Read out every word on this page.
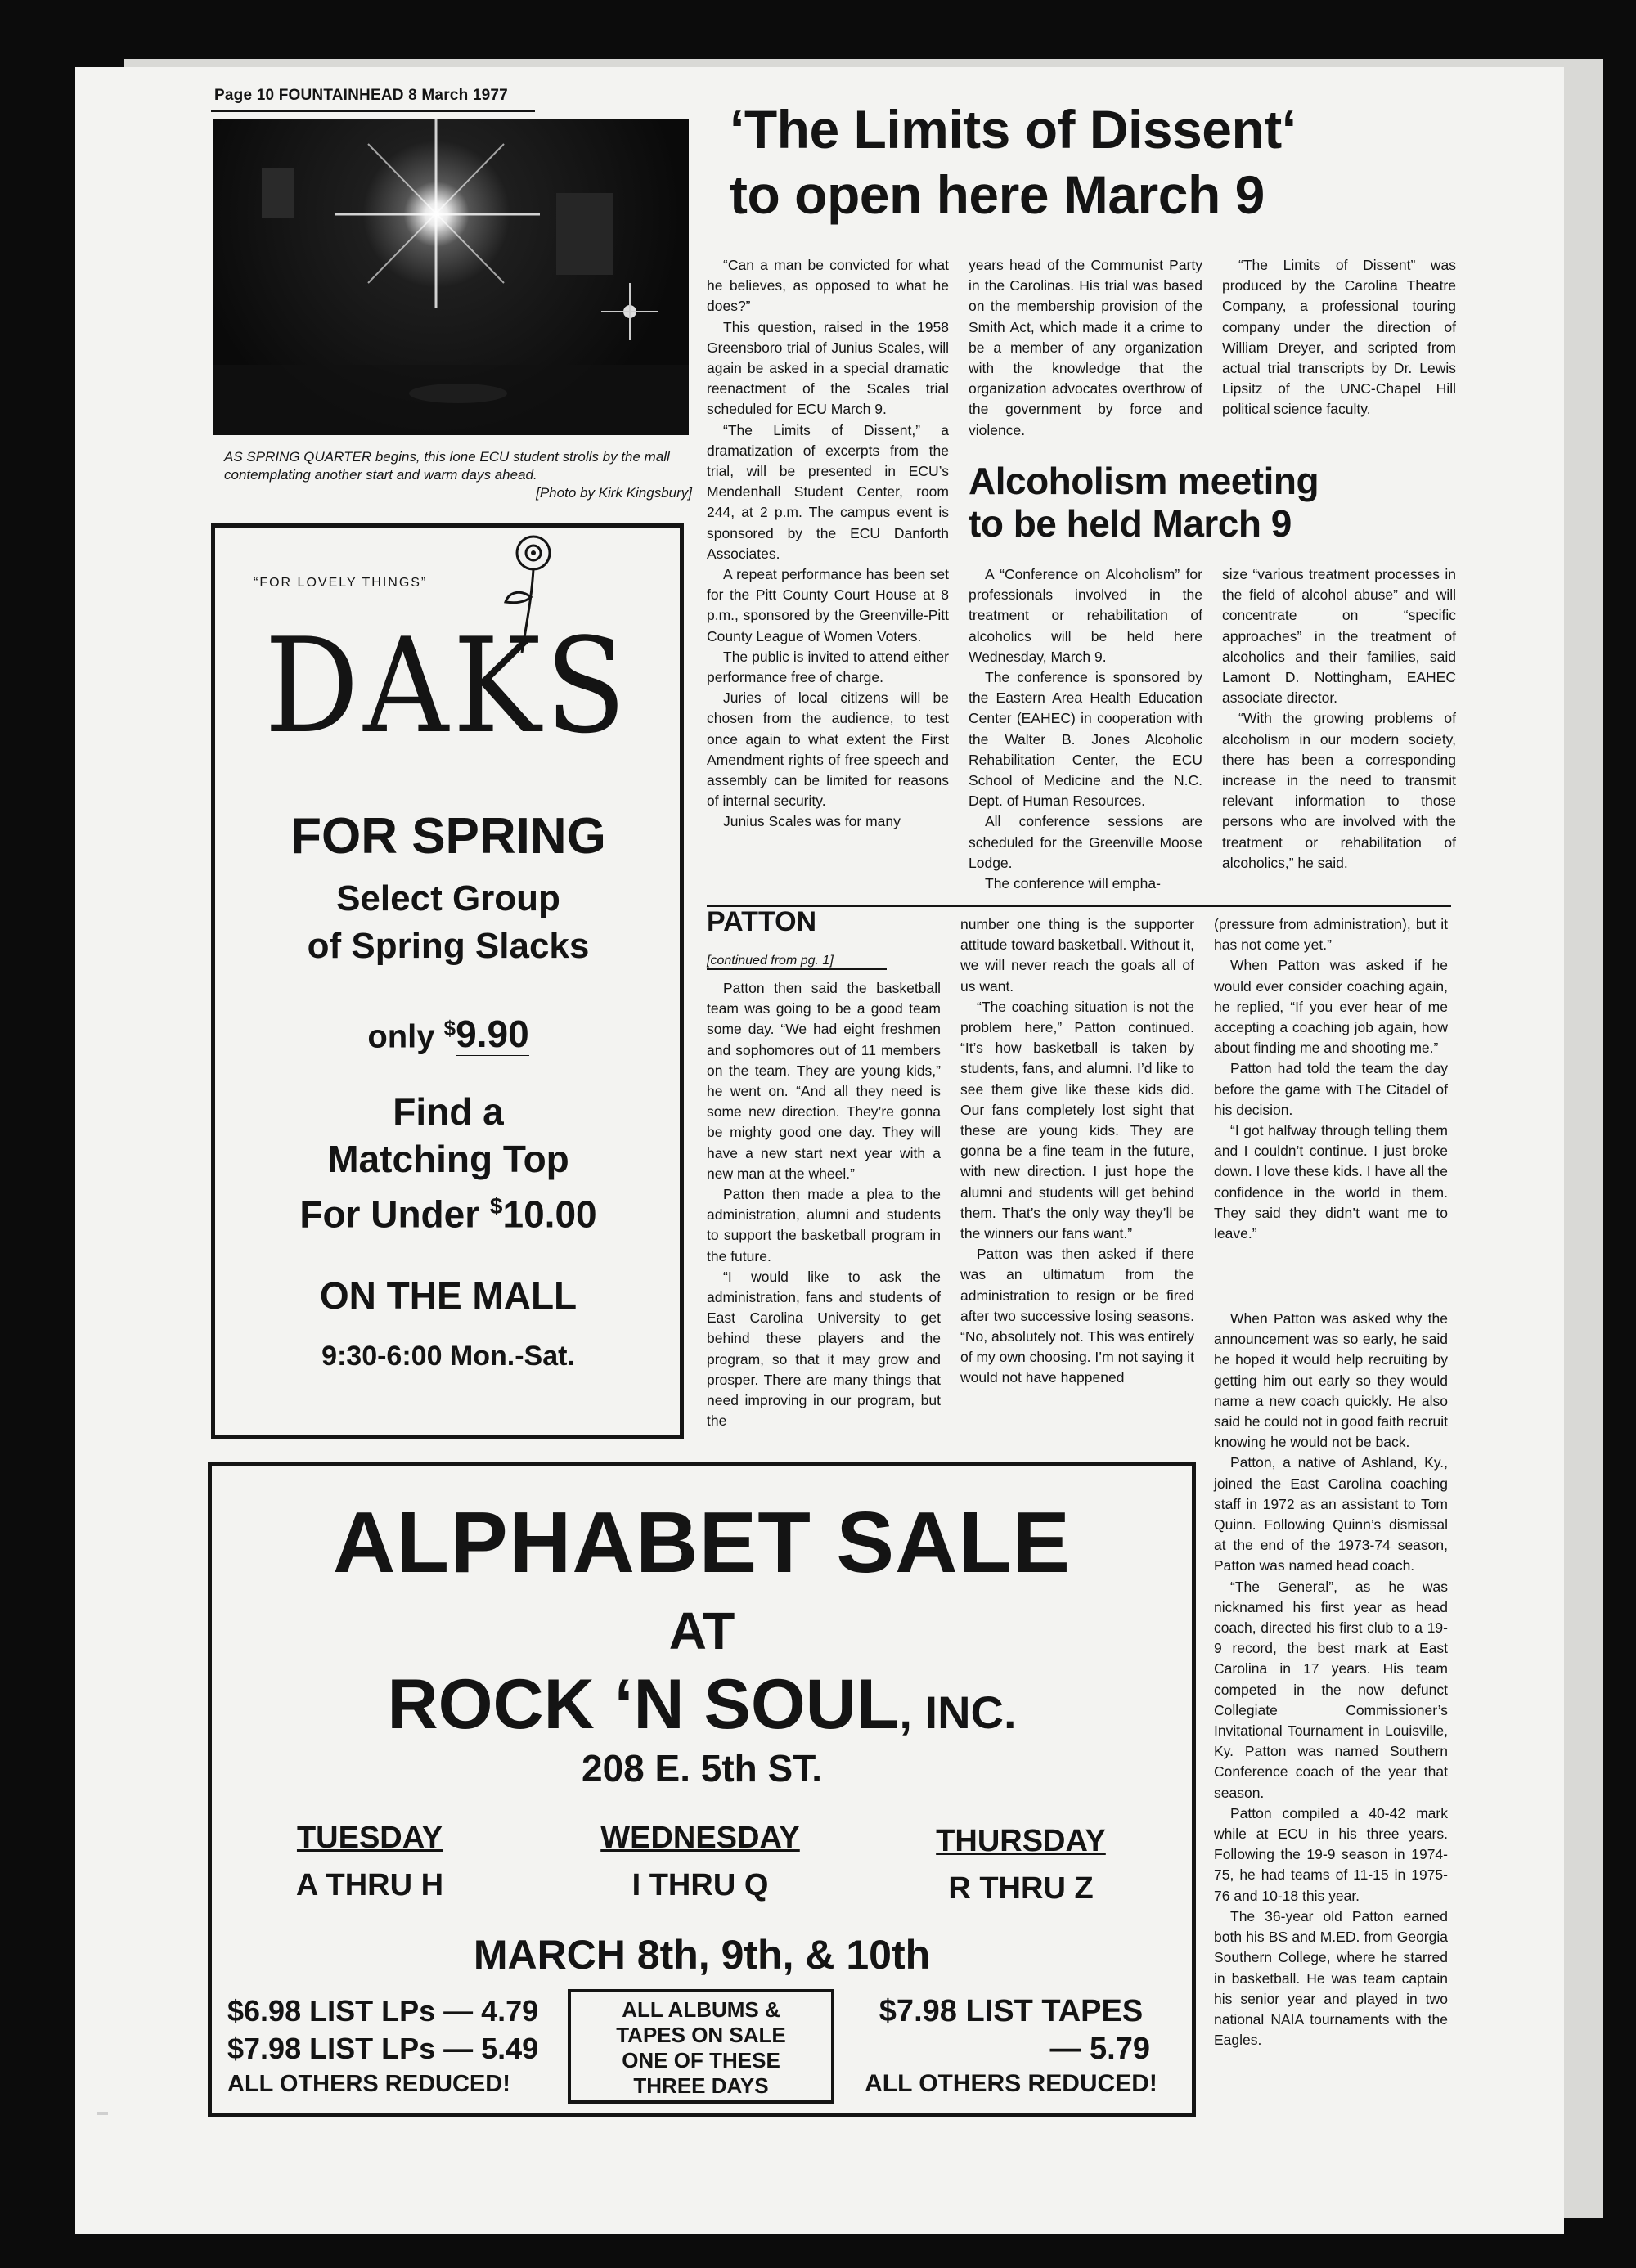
Page 10 FOUNTAINHEAD 8 March 1977
AS SPRING QUARTER begins, this lone ECU student strolls by the mall contemplating another start and warm days ahead.
[Photo by Kirk Kingsbury]
‘The Limits of Dissent‘
to open here March 9

“Can a man be convicted for what he believes, as opposed to what he does?”

This question, raised in the 1958 Greensboro trial of Junius Scales, will again be asked in a special dramatic reenactment of the Scales trial scheduled for ECU March 9.

“The Limits of Dissent,” a dramatization of excerpts from the trial, will be presented in ECU’s Mendenhall Student Center, room 244, at 2 p.m. The campus event is sponsored by the ECU Danforth Associates.

A repeat performance has been set for the Pitt County Court House at 8 p.m., sponsored by the Greenville-Pitt County League of Women Voters.

The public is invited to attend either performance free of charge.

Juries of local citizens will be chosen from the audience, to test once again to what extent the First Amendment rights of free speech and assembly can be limited for reasons of internal security.

Junius Scales was for many

years head of the Communist Party in the Carolinas. His trial was based on the membership provision of the Smith Act, which made it a crime to be a member of any organization with the knowledge that the organization advocates overthrow of the government by force and violence.

“The Limits of Dissent” was produced by the Carolina Theatre Company, a professional touring company under the direction of William Dreyer, and scripted from actual trial transcripts by Dr. Lewis Lipsitz of the UNC-Chapel Hill political science faculty.

Alcoholism meeting
to be held March 9

A “Conference on Alcoholism” for professionals involved in the treatment or rehabilitation of alcoholics will be held here Wednesday, March 9.

The conference is sponsored by the Eastern Area Health Education Center (EAHEC) in cooperation with the Walter B. Jones Alcoholic Rehabilitation Center, the ECU School of Medicine and the N.C. Dept. of Human Resources.

All conference sessions are scheduled for the Greenville Moose Lodge.

The conference will empha-

size “various treatment processes in the field of alcohol abuse” and will concentrate on “specific approaches” in the treatment of alcoholics and their families, said Lamont D. Nottingham, EAHEC associate director.

“With the growing problems of alcoholism in our modern society, there has been a corresponding increase in the need to transmit relevant information to those persons who are involved with the treatment or rehabilitation of alcoholics,” he said.

PATTON
[continued from pg. 1]

Patton then said the basketball team was going to be a good team some day. “We had eight freshmen and sophomores out of 11 members on the team. They are young kids,” he went on. “And all they need is some new direction. They’re gonna be mighty good one day. They will have a new start next year with a new man at the wheel.”

Patton then made a plea to the administration, alumni and students to support the basketball program in the future.

“I would like to ask the administration, fans and students of East Carolina University to get behind these players and the program, so that it may grow and prosper. There are many things that need improving in our program, but the

number one thing is the supporter attitude toward basketball. Without it, we will never reach the goals all of us want.

“The coaching situation is not the problem here,” Patton continued. “It’s how basketball is taken by students, fans, and alumni. I’d like to see them give like these kids did. Our fans completely lost sight that these are young kids. They are gonna be a fine team in the future, with new direction. I just hope the alumni and students will get behind them. That’s the only way they’ll be the winners our fans want.”

Patton was then asked if there was an ultimatum from the administration to resign or be fired after two successive losing seasons. “No, absolutely not. This was entirely of my own choosing. I’m not saying it would not have happened

(pressure from administration), but it has not come yet.”

When Patton was asked if he would ever consider coaching again, he replied, “If you ever hear of me accepting a coaching job again, how about finding me and shooting me.”

Patton had told the team the day before the game with The Citadel of his decision.

“I got halfway through telling them and I couldn’t continue. I just broke down. I love these kids. I have all the confidence in the world in them. They said they didn’t want me to leave.”

When Patton was asked why the announcement was so early, he said he hoped it would help recruiting by getting him out early so they would name a new coach quickly. He also said he could not in good faith recruit knowing he would not be back.

Patton, a native of Ashland, Ky., joined the East Carolina coaching staff in 1972 as an assistant to Tom Quinn. Following Quinn’s dismissal at the end of the 1973-74 season, Patton was named head coach.

“The General”, as he was nicknamed his first year as head coach, directed his first club to a 19-9 record, the best mark at East Carolina in 17 years. His team competed in the now defunct Collegiate Commissioner’s Invitational Tournament in Louisville, Ky. Patton was named Southern Conference coach of the year that season.

Patton compiled a 40-42 mark while at ECU in his three years. Following the 19-9 season in 1974-75, he had teams of 11-15 in 1975-76 and 10-18 this year.

The 36-year old Patton earned both his BS and M.ED. from Georgia Southern College, where he starred in basketball. He was team captain his senior year and played in two national NAIA tournaments with the Eagles.

“FOR LOVELY THINGS”
DAKS
FOR SPRING
Select Group
of Spring Slacks
only $9.90
Find a
Matching Top
For Under $10.00
ON THE MALL
9:30-6:00 Mon.-Sat.
ALPHABET SALE
AT
ROCK ‘N SOUL, INC.
208 E. 5th ST.
TUESDAY
A THRU H
WEDNESDAY
I THRU Q
THURSDAY
R THRU Z
MARCH 8th, 9th, & 10th
$6.98 LIST LPs — 4.79
$7.98 LIST LPs — 5.49
ALL OTHERS REDUCED!
ALL ALBUMS &
TAPES ON SALE
ONE OF THESE
THREE DAYS
$7.98 LIST TAPES
— 5.79
ALL OTHERS REDUCED!
